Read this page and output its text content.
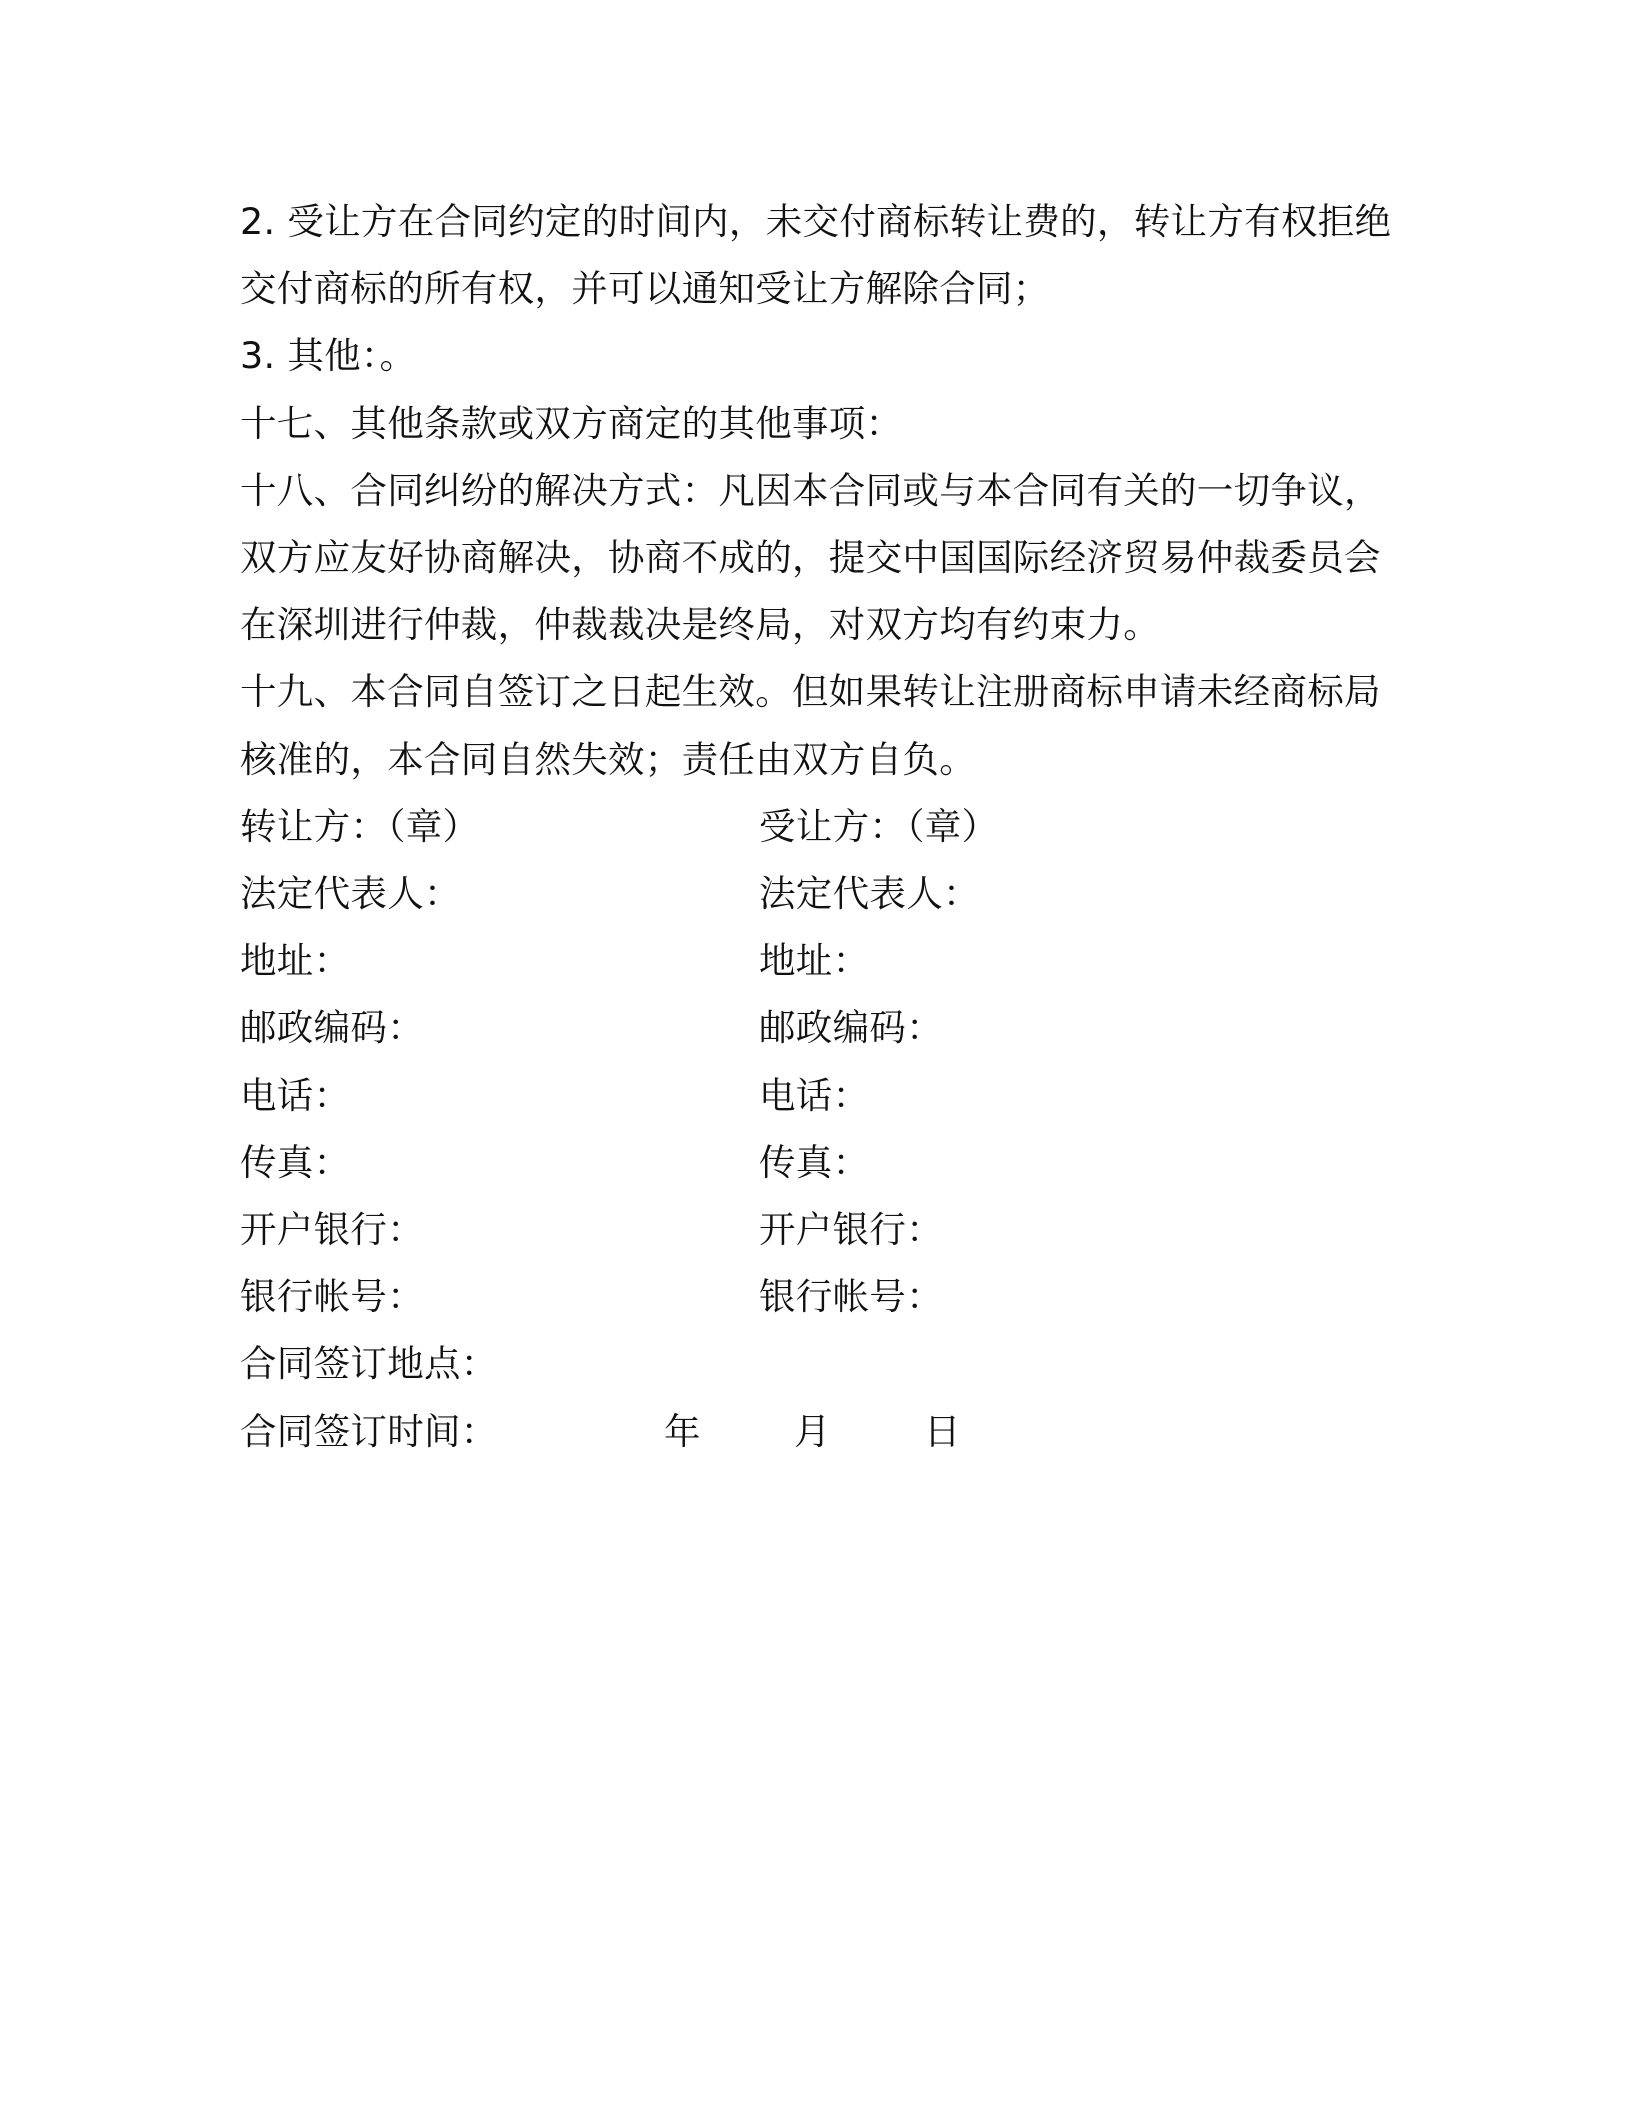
2. 受让方在合同约定的时间内，未交付商标转让费的，转让方有权拒绝交付商标的所有权，并可以通知受让方解除合同；

3. 其他：。

十七、其他条款或双方商定的其他事项：

十八、合同纠纷的解决方式：凡因本合同或与本合同有关的一切争议，双方应友好协商解决，协商不成的，提交中国国际经济贸易仲裁委员会在深圳进行仲裁，仲裁裁决是终局，对双方均有约束力。

十九、本合同自签订之日起生效。但如果转让注册商标申请未经商标局核准的，本合同自然失效；责任由双方自负。

转让方：（章）	受让方：（章）
法定代表人：	法定代表人：
地址：	地址：
邮政编码：	邮政编码：
电话：	电话：
传真：	传真：
开户银行：	开户银行：
银行帐号：	银行帐号：
合同签订地点：
合同签订时间：	年	月	日
